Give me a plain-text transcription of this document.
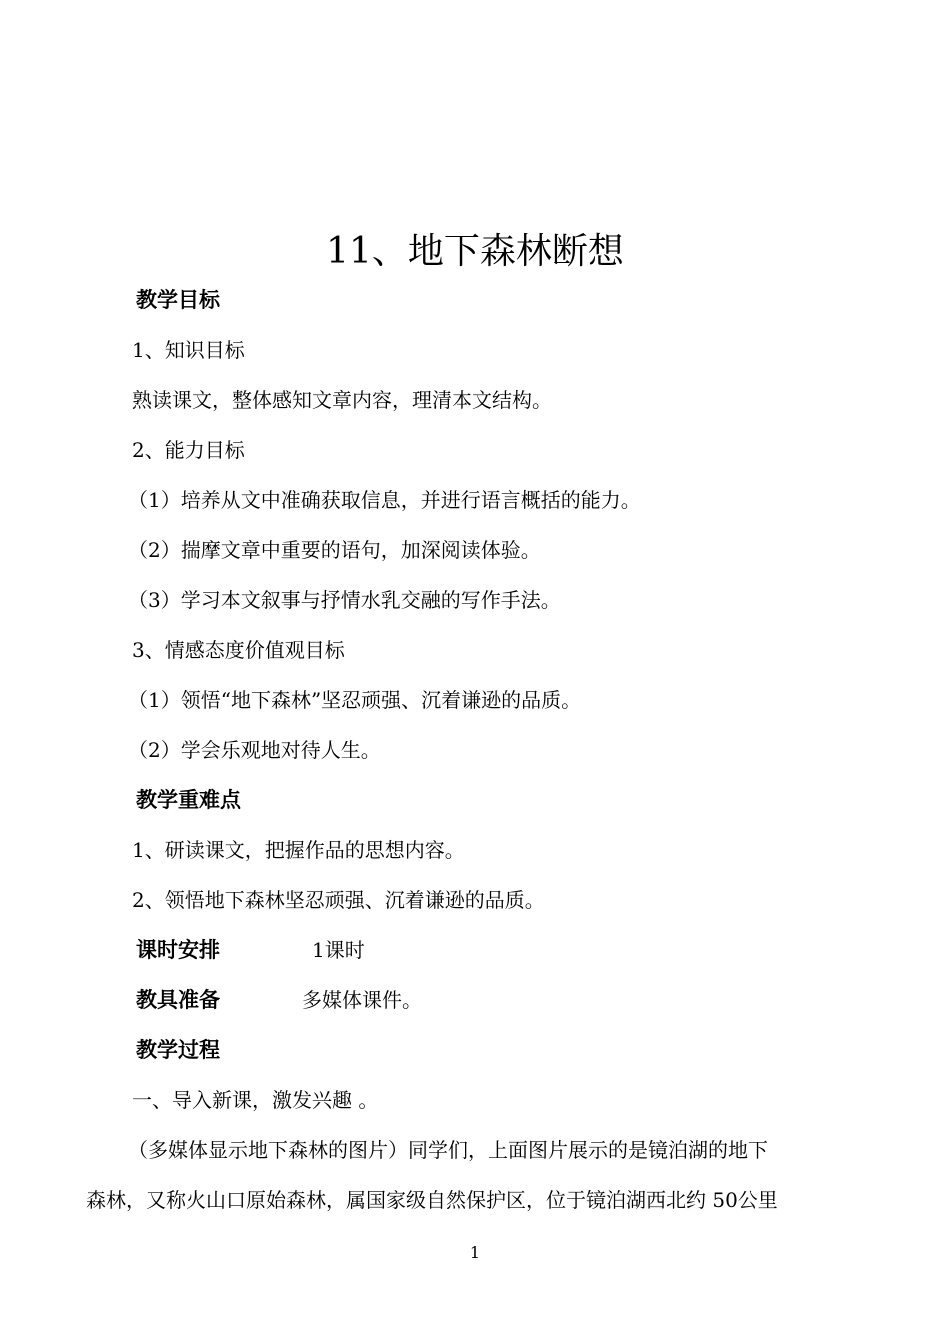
11、地下森林断想
教学目标
1、知识目标
熟读课文，整体感知文章内容，理清本文结构。
2、能力目标
（1）培养从文中准确获取信息，并进行语言概括的能力。
（2）揣摩文章中重要的语句，加深阅读体验。
（3）学习本文叙事与抒情水乳交融的写作手法。
3、情感态度价值观目标
（1）领悟“地下森林”坚忍顽强、沉着谦逊的品质。
（2）学会乐观地对待人生。
教学重难点
1、研读课文，把握作品的思想内容。
2、领悟地下森林坚忍顽强、沉着谦逊的品质。
课时安排	1课时
教具准备	多媒体课件。
教学过程
一、导入新课，激发兴趣 。
（多媒体显示地下森林的图片）同学们，上面图片展示的是镜泊湖的地下
森林，又称火山口原始森林，属国家级自然保护区，位于镜泊湖西北约 50公里
1
